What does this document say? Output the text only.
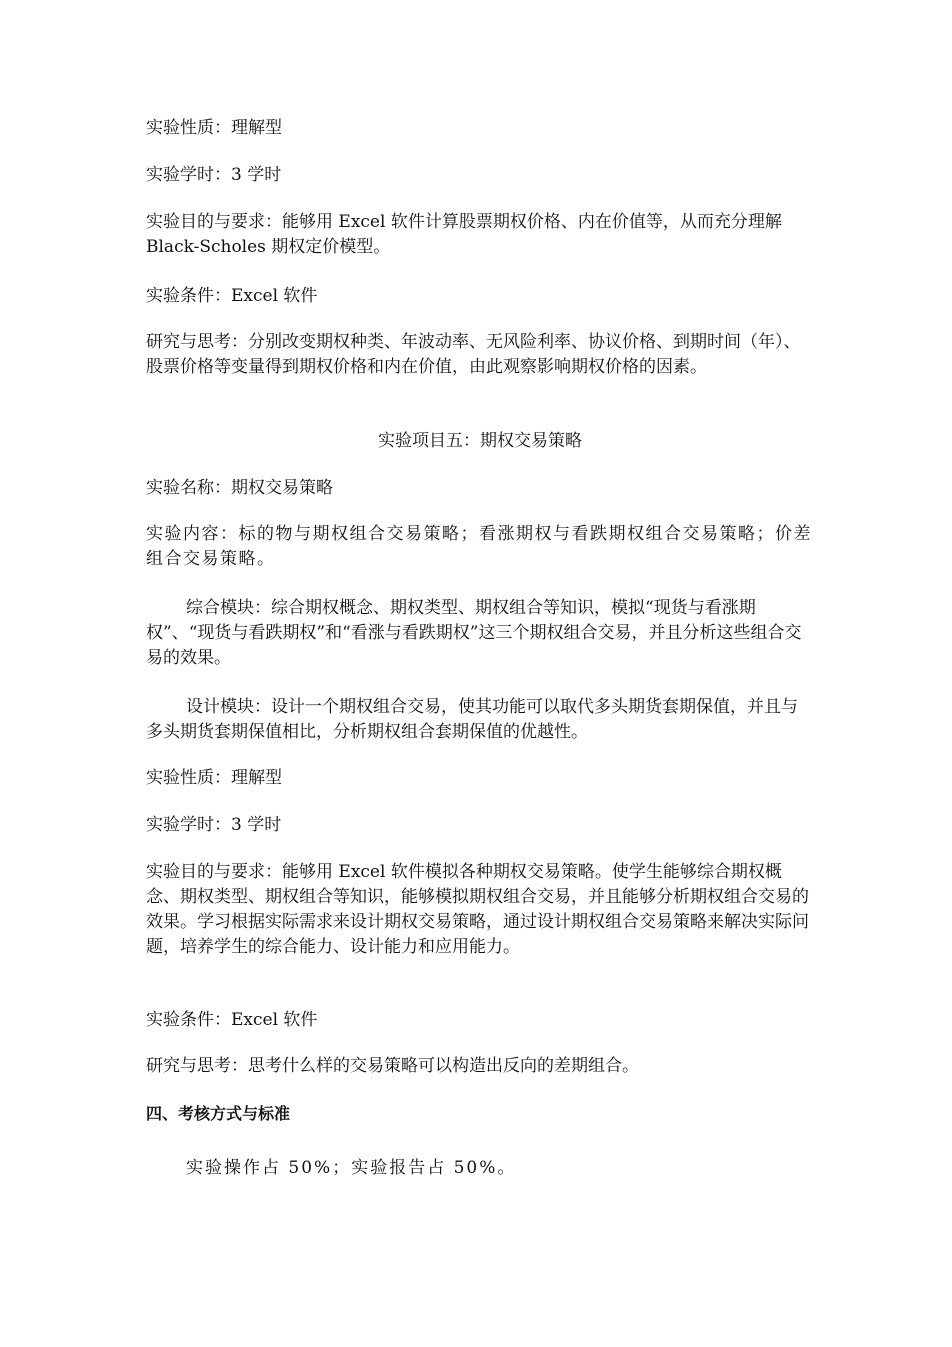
实验性质：理解型

实验学时：3 学时

实验目的与要求：能够用 Excel 软件计算股票期权价格、内在价值等，从而充分理解 Black-Scholes 期权定价模型。

实验条件：Excel 软件

研究与思考：分别改变期权种类、年波动率、无风险利率、协议价格、到期时间（年）、股票价格等变量得到期权价格和内在价值，由此观察影响期权价格的因素。

实验项目五：期权交易策略

实验名称：期权交易策略

实验内容：标的物与期权组合交易策略；看涨期权与看跌期权组合交易策略；价差组合交易策略。

综合模块：综合期权概念、期权类型、期权组合等知识，模拟“现货与看涨期权”、“现货与看跌期权”和“看涨与看跌期权”这三个期权组合交易，并且分析这些组合交易的效果。

设计模块：设计一个期权组合交易，使其功能可以取代多头期货套期保值，并且与多头期货套期保值相比，分析期权组合套期保值的优越性。

实验性质：理解型

实验学时：3 学时

实验目的与要求：能够用 Excel 软件模拟各种期权交易策略。使学生能够综合期权概念、期权类型、期权组合等知识，能够模拟期权组合交易，并且能够分析期权组合交易的效果。学习根据实际需求来设计期权交易策略，通过设计期权组合交易策略来解决实际问题，培养学生的综合能力、设计能力和应用能力。

实验条件：Excel 软件

研究与思考：思考什么样的交易策略可以构造出反向的差期组合。

四、考核方式与标准

实验操作占 50%；实验报告占 50%。
